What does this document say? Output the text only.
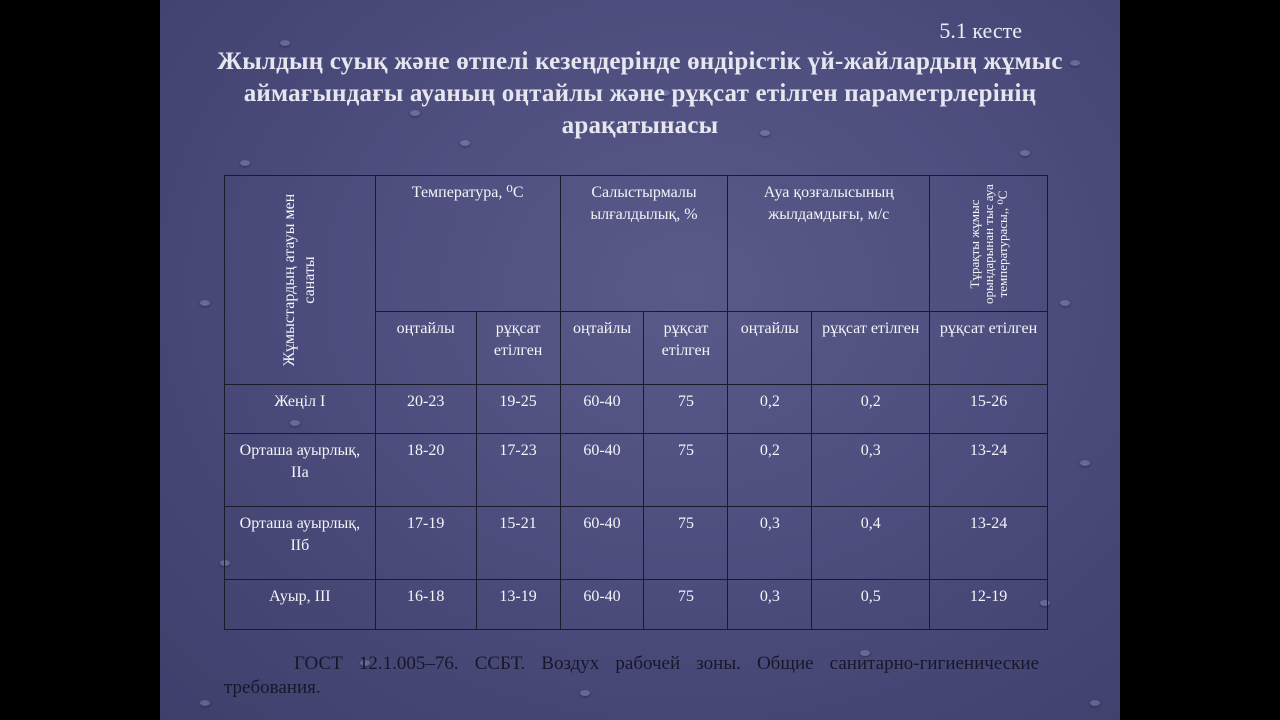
5.1 кесте
Жылдың суық және өтпелі кезеңдерінде өндірістік үй-жайлардың жұмыс
аймағындағы ауаның оңтайлы және рұқсат етілген параметрлерінің
арақатынасы
Жұмыстардың атауы мен санаты	Температура, ⁰С		Салыстырмалы ылғалдылық, %		Ауа қозғалысының жылдамдығы, м/с		Тұрақты жұмыс орындарынан тыс ауа температурасы,, ⁰С

	оңтайлы	рұқсат етілген	оңтайлы	рұқсат етілген	оңтайлы	рұқсат етілген	рұқсат етілген
Жеңіл І	20-23	19-25	60-40	75	0,2	0,2	15-26
Орташа ауырлық, IIа	18-20	17-23	60-40	75	0,2	0,3	13-24
Орташа ауырлық, IIб	17-19	15-21	60-40	75	0,3	0,4	13-24
Ауыр, III	16-18	13-19	60-40	75	0,3	0,5	12-19
ГОСТ 12.1.005–76. ССБТ. Воздух рабочей зоны. Общие санитарно-гигиенические требования.
